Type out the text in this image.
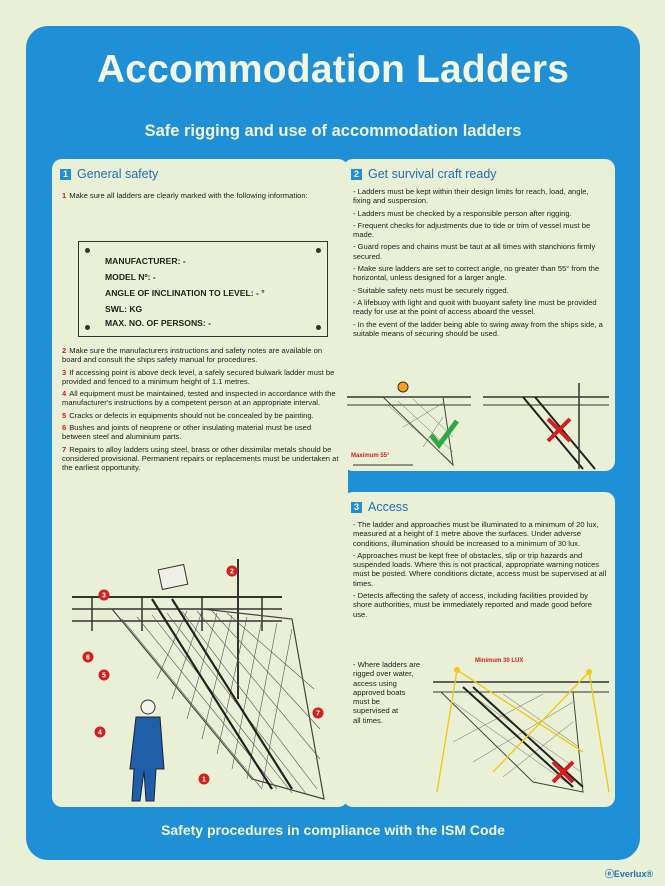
Accommodation Ladders
Safe rigging and use of accommodation ladders
1 General safety
1 Make sure all ladders are clearly marked with the following information:
MANUFACTURER: -
MODEL Nº: -
ANGLE OF INCLINATION TO LEVEL: - °
SWL: KG
MAX. NO. OF PERSONS: -
2 Make sure the manufacturers instructions and safety notes are available on board and consult the ships safety manual for procedures.
3 If accessing point is above deck level, a safely secured bulwark ladder must be provided and fenced to a minimum height of 1.1 metres.
4 All equipment must be maintained, tested and inspected in accordance with the manufacturer's instructions by a competent person at an appropriate interval.
5 Cracks or defects in equipments should not be concealed by be painting.
6 Bushes and joints of neoprene or other insulating material must be used between steel and aluminium parts.
7 Repairs to alloy ladders using steel, brass or other dissimilar metals should be considered provisional. Permanent repairs or replacements must be undertaken at the earliest opportunity.
2
3
6
5
4
7
1
2 Get survival craft ready
- Ladders must be kept within their design limits for reach, load, angle, fixing and suspension.
- Ladders must be checked by a responsible person after rigging.
- Frequent checks for adjustments due to tide or trim of vessel must be made.
- Guard ropes and chains must be taut at all times with stanchions firmly secured.
- Make sure ladders are set to correct angle, no greater than 55° from the horizontal, unless designed for a larger angle.
- Suitable safety nets must be securely rigged.
- A lifebuoy with light and quoit with buoyant safety line must be provided ready for use at the point of access aboard the vessel.
- In the event of the ladder being able to swing away from the ships side, a suitable means of securing should be used.
Maximum 55°
3 Access
- The ladder and approaches must be illuminated to a minimum of 20 lux, measured at a height of 1 metre above the surfaces. Under adverse conditions, illumination should be increased to a minimum of 30 lux.
- Approaches must be kept free of obstacles, slip or trip hazards and suspended loads. Where this is not practical, appropriate warning notices must be posted. Where conditions dictate, access must be supervised at all times.
- Detects affecting the safety of access, including facilities provided by shore authorities, must be immediately reported and made good before use.
- Where ladders are
rigged over water,
access using
approved boats
must be
supervised at
all times.
Minimum 30 LUX
Safety procedures in compliance with the ISM Code
ⓔEverlux®
